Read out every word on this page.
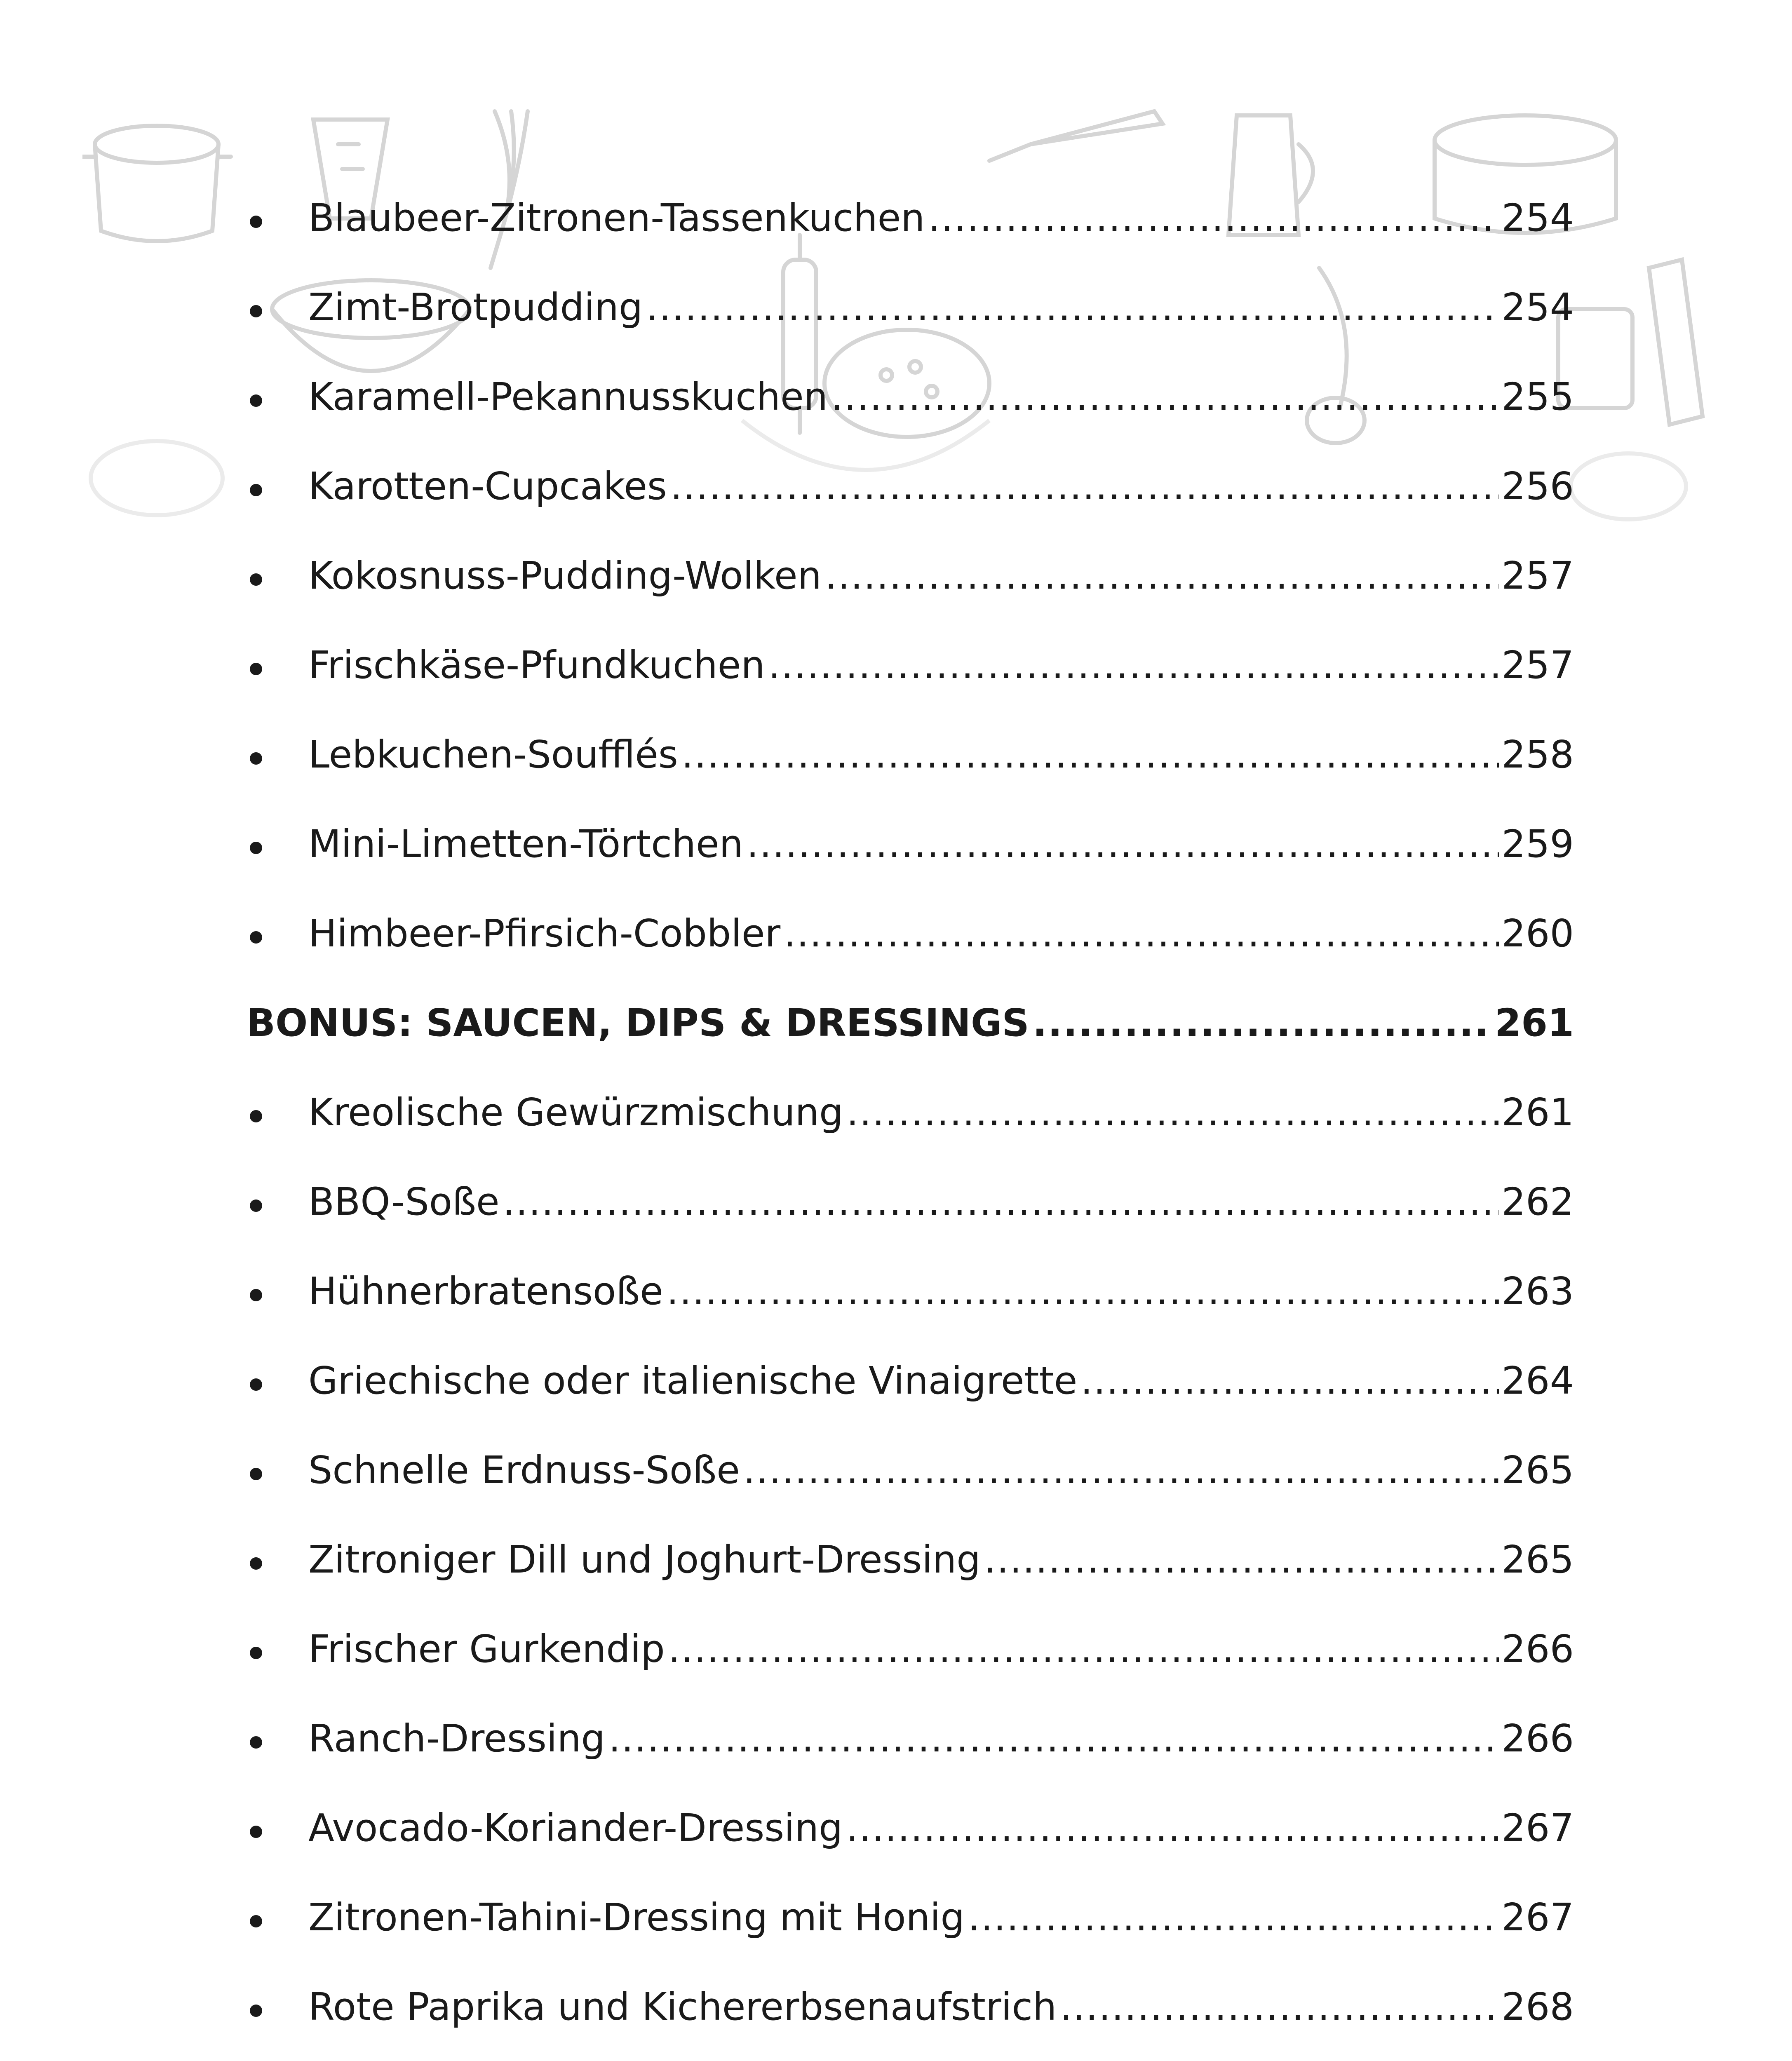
Blaubeer-Zitronen-Tassenkuchen .....	254
Zimt-Brotpudding .....	254
Karamell-Pekannusskuchen .....	255
Karotten-Cupcakes .....	256
Kokosnuss-Pudding-Wolken .....	257
Frischkäse-Pfundkuchen .....	257
Lebkuchen-Soufflés .....	258
Mini-Limetten-Törtchen .....	259
Himbeer-Pfirsich-Cobbler .....	260
BONUS: SAUCEN, DIPS & DRESSINGS .....	261
Kreolische Gewürzmischung .....	261
BBQ-Soße .....	262
Hühnerbratensoße .....	263
Griechische oder italienische Vinaigrette .....	264
Schnelle Erdnuss-Soße .....	265
Zitroniger Dill und Joghurt-Dressing .....	265
Frischer Gurkendip .....	266
Ranch-Dressing .....	266
Avocado-Koriander-Dressing .....	267
Zitronen-Tahini-Dressing mit Honig .....	267
Rote Paprika und Kichererbsenaufstrich .....	268
